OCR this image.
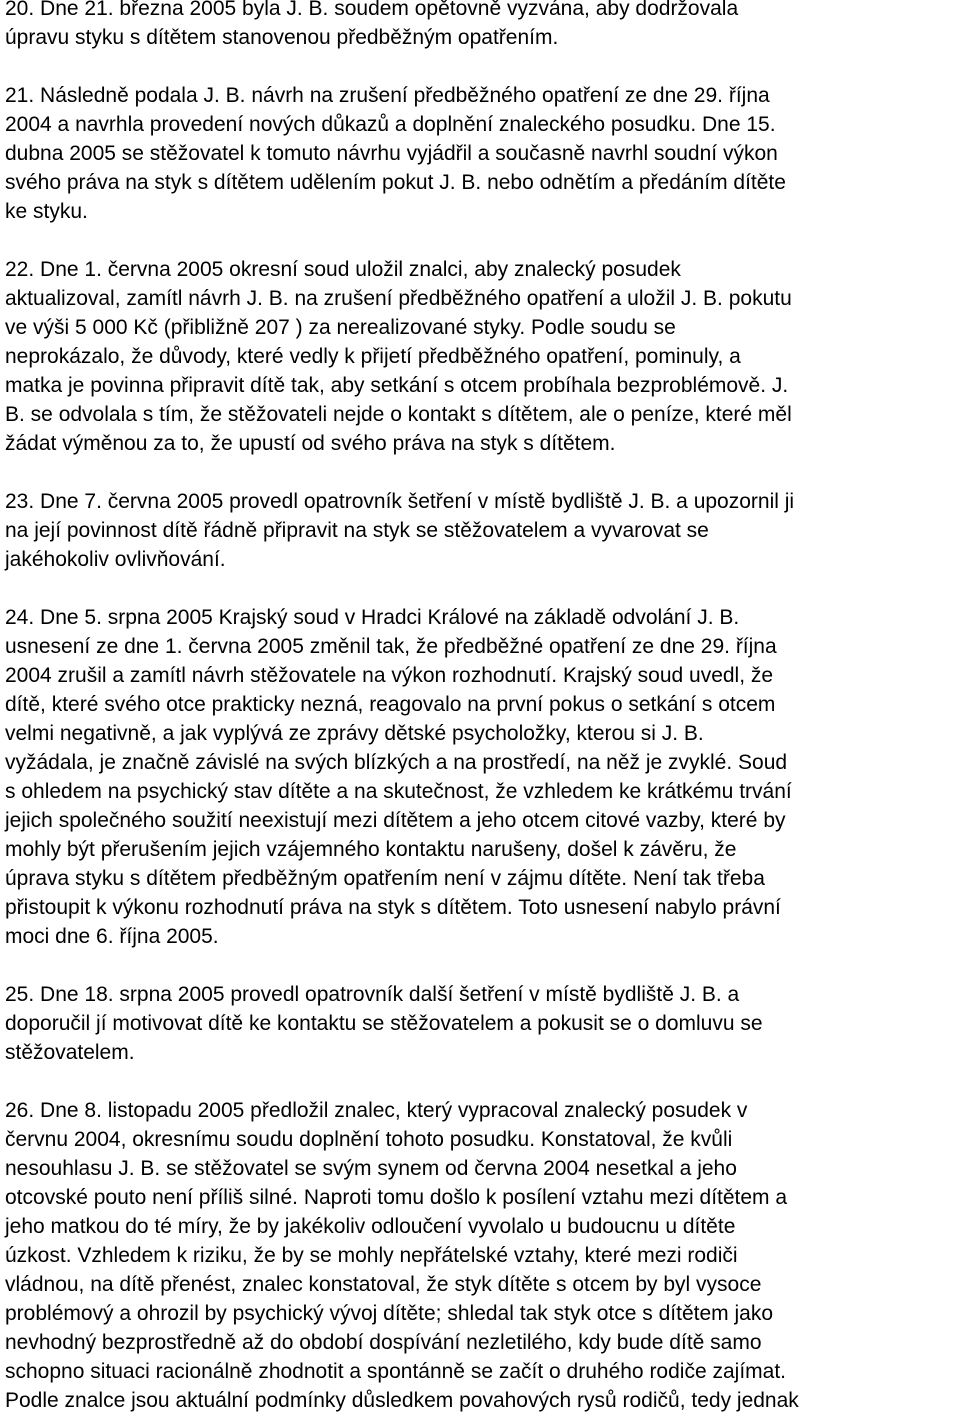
20. Dne 21. března 2005 byla J. B. soudem opětovně vyzvána, aby dodržovala
úpravu styku s dítětem stanovenou předběžným opatřením.

21. Následně podala J. B. návrh na zrušení předběžného opatření ze dne 29. října
2004 a navrhla provedení nových důkazů a doplnění znaleckého posudku. Dne 15.
dubna 2005 se stěžovatel k tomuto návrhu vyjádřil a současně navrhl soudní výkon
svého práva na styk s dítětem udělením pokut J. B. nebo odnětím a předáním dítěte
ke styku.

22. Dne 1. června 2005 okresní soud uložil znalci, aby znalecký posudek
aktualizoval, zamítl návrh J. B. na zrušení předběžného opatření a uložil J. B. pokutu
ve výši 5 000 Kč (přibližně 207 ) za nerealizované styky. Podle soudu se
neprokázalo, že důvody, které vedly k přijetí předběžného opatření, pominuly, a
matka je povinna připravit dítě tak, aby setkání s otcem probíhala bezproblémově. J.
B. se odvolala s tím, že stěžovateli nejde o kontakt s dítětem, ale o peníze, které měl
žádat výměnou za to, že upustí od svého práva na styk s dítětem.

23. Dne 7. června 2005 provedl opatrovník šetření v místě bydliště J. B. a upozornil ji
na její povinnost dítě řádně připravit na styk se stěžovatelem a vyvarovat se
jakéhokoliv ovlivňování.

24. Dne 5. srpna 2005 Krajský soud v Hradci Králové na základě odvolání J. B.
usnesení ze dne 1. června 2005 změnil tak, že předběžné opatření ze dne 29. října
2004 zrušil a zamítl návrh stěžovatele na výkon rozhodnutí. Krajský soud uvedl, že
dítě, které svého otce prakticky nezná, reagovalo na první pokus o setkání s otcem
velmi negativně, a jak vyplývá ze zprávy dětské psycholožky, kterou si J. B.
vyžádala, je značně závislé na svých blízkých a na prostředí, na něž je zvyklé. Soud
s ohledem na psychický stav dítěte a na skutečnost, že vzhledem ke krátkému trvání
jejich společného soužití neexistují mezi dítětem a jeho otcem citové vazby, které by
mohly být přerušením jejich vzájemného kontaktu narušeny, došel k závěru, že
úprava styku s dítětem předběžným opatřením není v zájmu dítěte. Není tak třeba
přistoupit k výkonu rozhodnutí práva na styk s dítětem. Toto usnesení nabylo právní
moci dne 6. října 2005.

25. Dne 18. srpna 2005 provedl opatrovník další šetření v místě bydliště J. B. a
doporučil jí motivovat dítě ke kontaktu se stěžovatelem a pokusit se o domluvu se
stěžovatelem.

26. Dne 8. listopadu 2005 předložil znalec, který vypracoval znalecký posudek v
červnu 2004, okresnímu soudu doplnění tohoto posudku. Konstatoval, že kvůli
nesouhlasu J. B. se stěžovatel se svým synem od června 2004 nesetkal a jeho
otcovské pouto není příliš silné. Naproti tomu došlo k posílení vztahu mezi dítětem a
jeho matkou do té míry, že by jakékoliv odloučení vyvolalo u budoucnu u dítěte
úzkost. Vzhledem k riziku, že by se mohly nepřátelské vztahy, které mezi rodiči
vládnou, na dítě přenést, znalec konstatoval, že styk dítěte s otcem by byl vysoce
problémový a ohrozil by psychický vývoj dítěte; shledal tak styk otce s dítětem jako
nevhodný bezprostředně až do období dospívání nezletilého, kdy bude dítě samo
schopno situaci racionálně zhodnotit a spontánně se začít o druhého rodiče zajímat.
Podle znalce jsou aktuální podmínky důsledkem povahových rysů rodičů, tedy jednak
